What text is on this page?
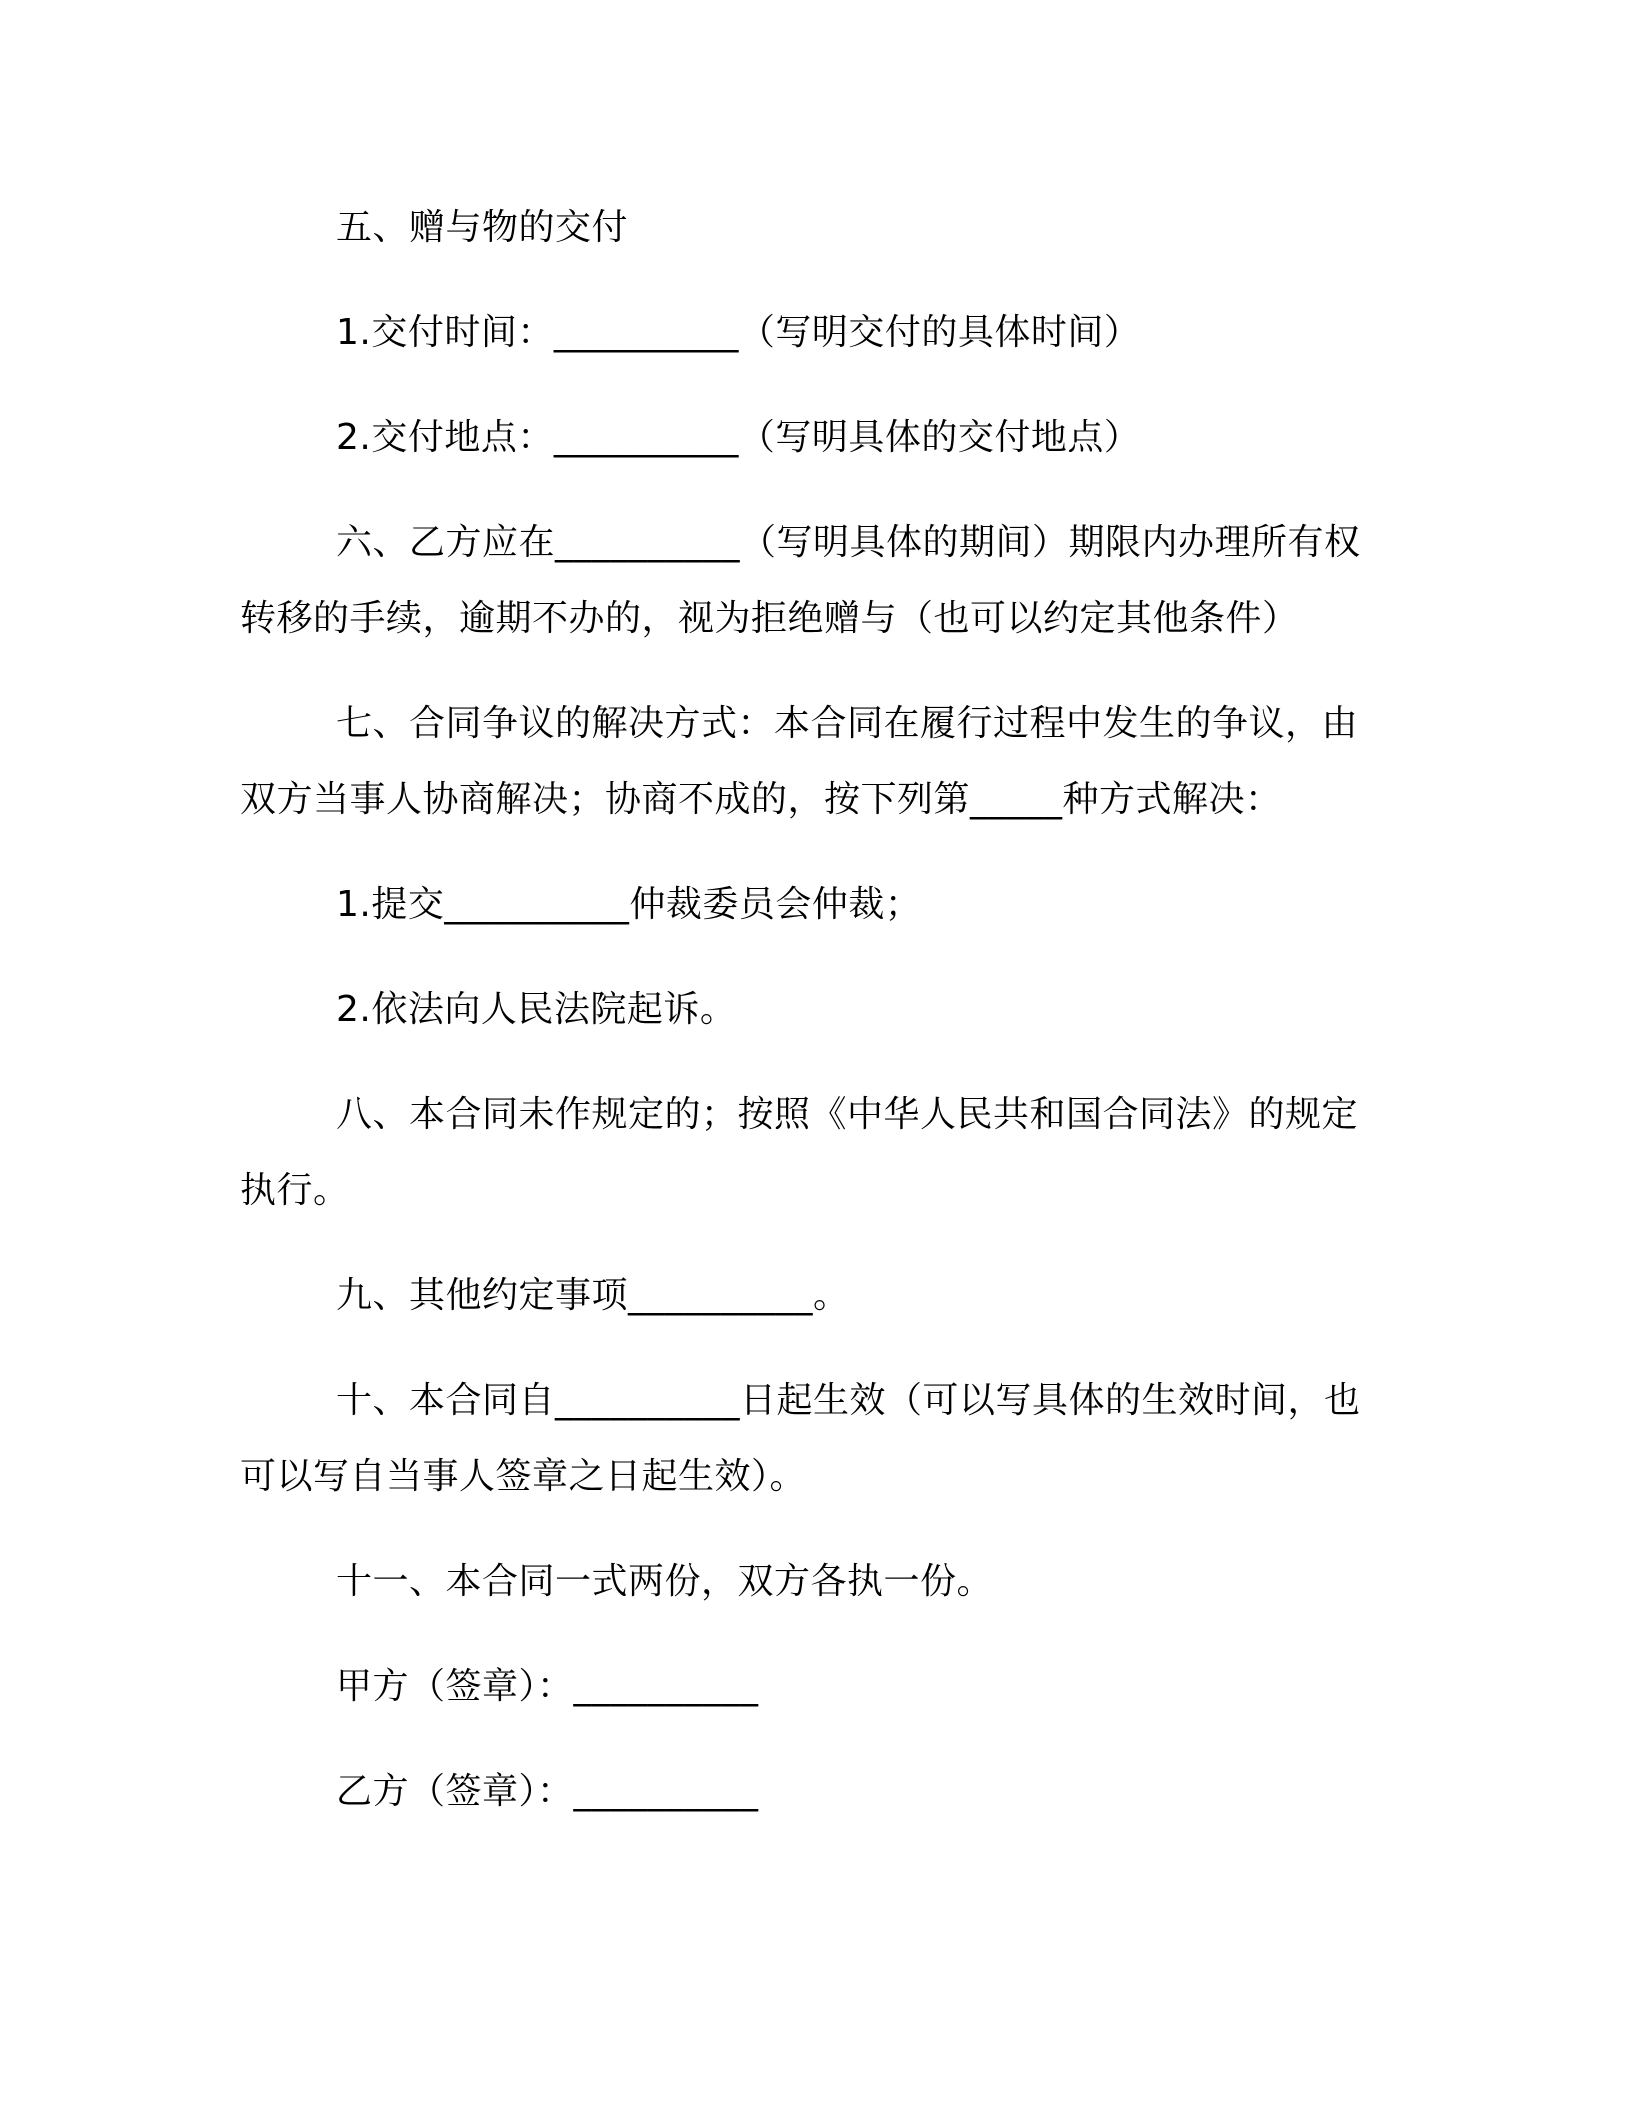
五、赠与物的交付

1.交付时间：__________（写明交付的具体时间）

2.交付地点：__________（写明具体的交付地点）

六、乙方应在__________（写明具体的期间）期限内办理所有权转移的手续，逾期不办的，视为拒绝赠与（也可以约定其他条件）

七、合同争议的解决方式：本合同在履行过程中发生的争议，由双方当事人协商解决；协商不成的，按下列第_____种方式解决：

1.提交__________仲裁委员会仲裁；

2.依法向人民法院起诉。

八、本合同未作规定的；按照《中华人民共和国合同法》的规定执行。

九、其他约定事项__________。

十、本合同自__________日起生效（可以写具体的生效时间，也可以写自当事人签章之日起生效）。

十一、本合同一式两份，双方各执一份。

甲方（签章）：__________

乙方（签章）：__________
